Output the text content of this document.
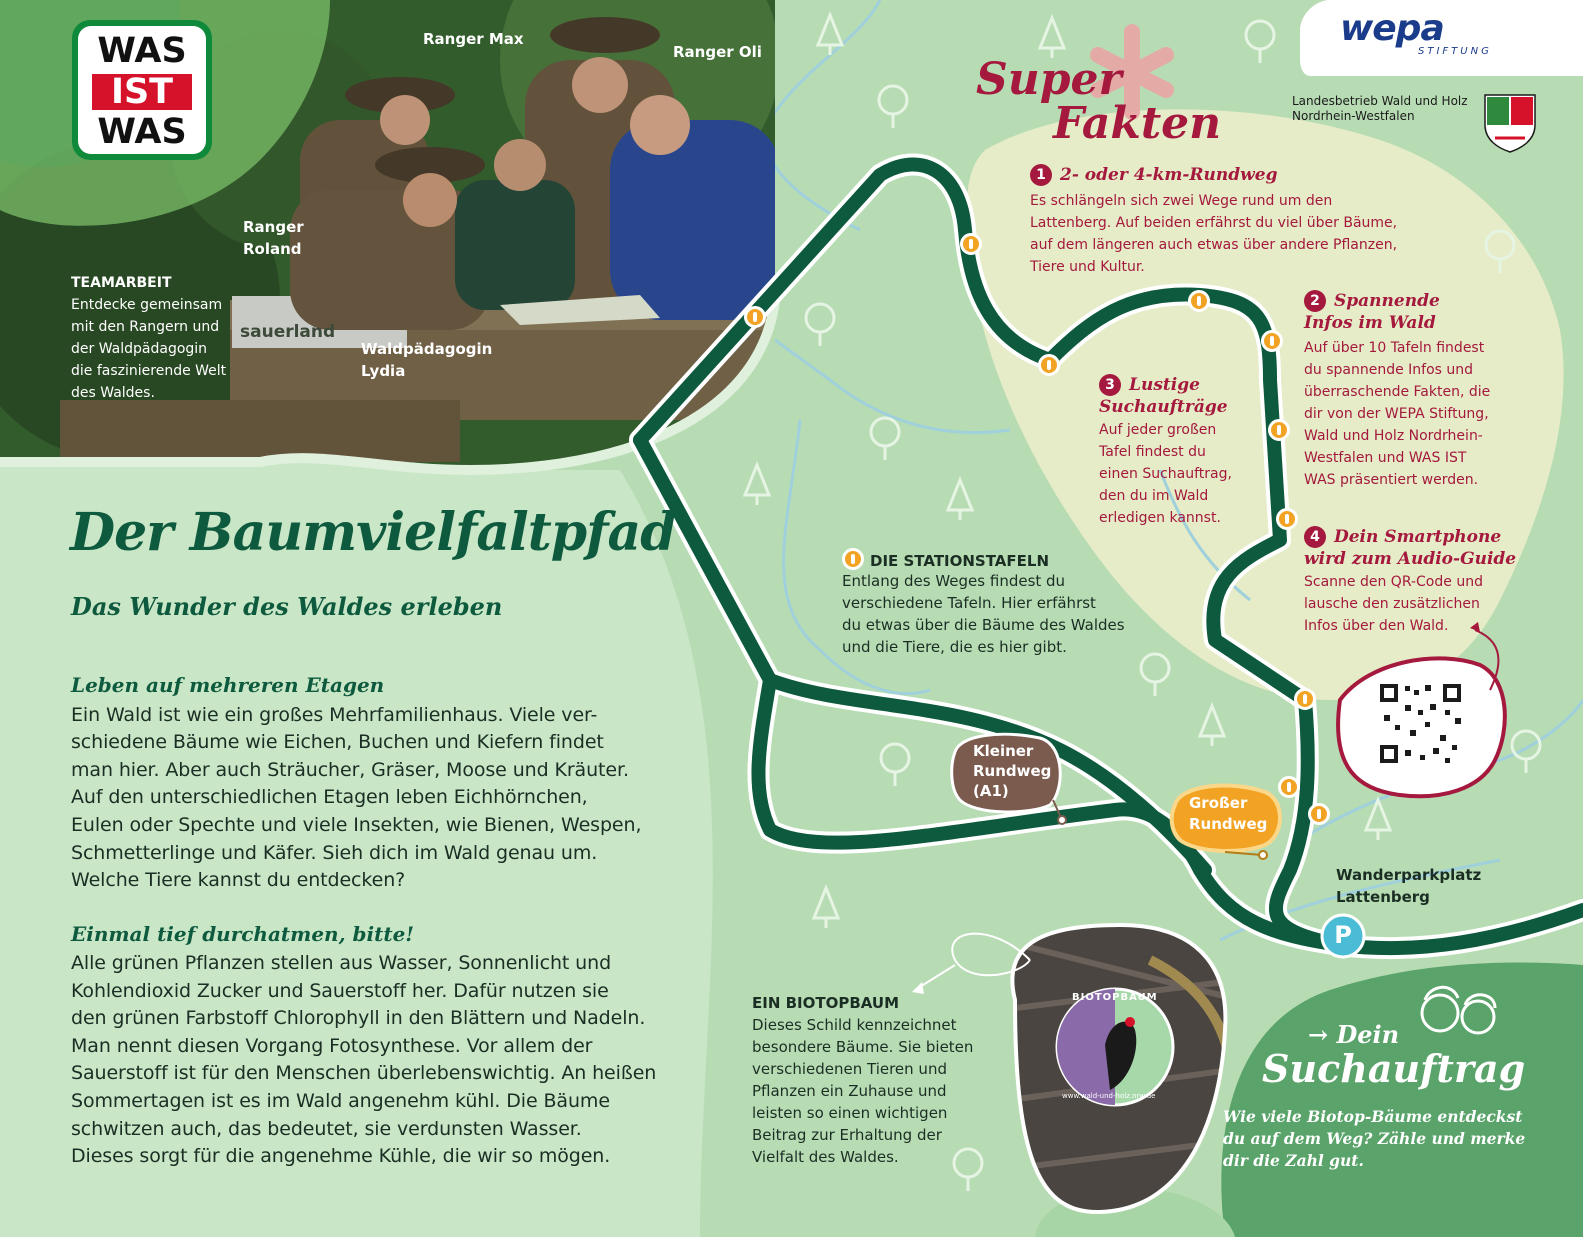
WAS
IST
WAS
Ranger Max
Ranger Oli
Ranger
Roland
Waldpädagogin
Lydia
sauerland
TEAMARBEIT
Entdecke gemeinsam
mit den Rangern und
der Waldpädagogin
die faszinierende Welt
des Waldes.
Der Baumvielfaltpfad
Das Wunder des Waldes erleben
Leben auf mehreren Etagen
Ein Wald ist wie ein großes Mehrfamilienhaus. Viele ver-
schiedene Bäume wie Eichen, Buchen und Kiefern findet
man hier. Aber auch Sträucher, Gräser, Moose und Kräuter.
Auf den unterschiedlichen Etagen leben Eichhörnchen,
Eulen oder Spechte und viele Insekten, wie Bienen, Wespen,
Schmetterlinge und Käfer. Sieh dich im Wald genau um.
Welche Tiere kannst du entdecken?
Einmal tief durchatmen, bitte!
Alle grünen Pflanzen stellen aus Wasser, Sonnenlicht und
Kohlendioxid Zucker und Sauerstoff her. Dafür nutzen sie
den grünen Farbstoff Chlorophyll in den Blättern und Nadeln.
Man nennt diesen Vorgang Fotosynthese. Vor allem der
Sauerstoff ist für den Menschen überlebenswichtig. An heißen
Sommertagen ist es im Wald angenehm kühl. Die Bäume
schwitzen auch, das bedeutet, sie verdunsten Wasser.
Dieses sorgt für die angenehme Kühle, die wir so mögen.
Super
Fakten
1 2- oder 4-km-Rundweg
Es schlängeln sich zwei Wege rund um den
Lattenberg. Auf beiden erfährst du viel über Bäume,
auf dem längeren auch etwas über andere Pflanzen,
Tiere und Kultur.
2 Spannende
Infos im Wald
Auf über 10 Tafeln findest
du spannende Infos und
überraschende Fakten, die
dir von der WEPA Stiftung,
Wald und Holz Nordrhein-
Westfalen und WAS IST
WAS präsentiert werden.
3 Lustige
Suchaufträge
Auf jeder großen
Tafel findest du
einen Suchauftrag,
den du im Wald
erledigen kannst.
4 Dein Smartphone
wird zum Audio-Guide
Scanne den QR-Code und
lausche den zusätzlichen
Infos über den Wald.
wepa
STIFTUNG
Landesbetrieb Wald und Holz
Nordrhein-Westfalen
DIE STATIONSTAFELN
Entlang des Weges findest du
verschiedene Tafeln. Hier erfährst
du etwas über die Bäume des Waldes
und die Tiere, die es hier gibt.
Kleiner
Rundweg
(A1)
Großer
Rundweg
Wanderparkplatz
Lattenberg
P
EIN BIOTOPBAUM
Dieses Schild kennzeichnet
besondere Bäume. Sie bieten
verschiedenen Tieren und
Pflanzen ein Zuhause und
leisten so einen wichtigen
Beitrag zur Erhaltung der
Vielfalt des Waldes.
BIOTOPBAUM
www.wald-und-holz.nrw.de
→ Dein
Suchauftrag
Wie viele Biotop-Bäume entdeckst
du auf dem Weg? Zähle und merke
dir die Zahl gut.
